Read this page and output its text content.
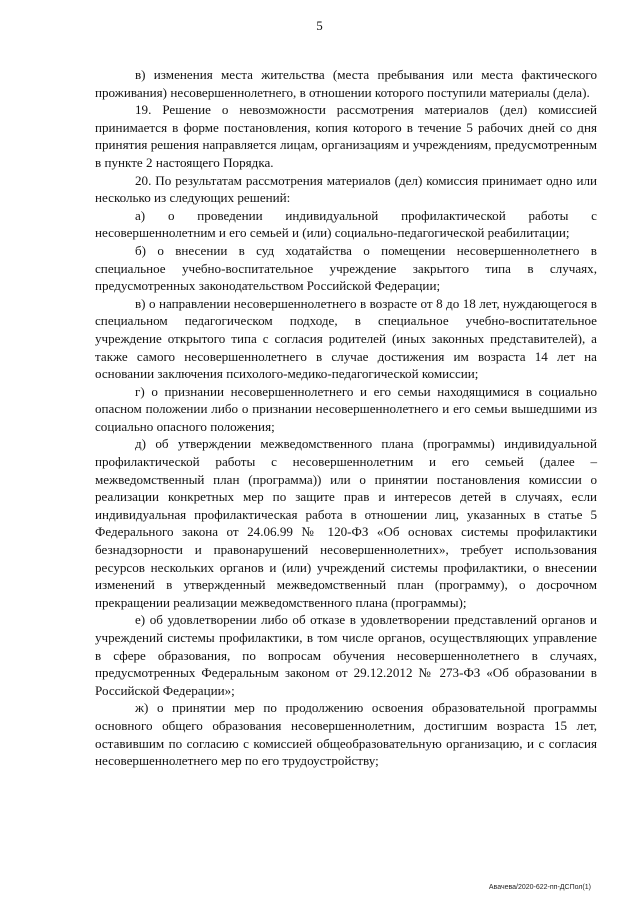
5

в) изменения места жительства (места пребывания или места фактического проживания) несовершеннолетнего, в отношении которого поступили материалы (дела).

19. Решение о невозможности рассмотрения материалов (дел) комиссией принимается в форме постановления, копия которого в течение 5 рабочих дней со дня принятия решения направляется лицам, организациям и учреждениям, предусмотренным в пункте 2 настоящего Порядка.

20. По результатам рассмотрения материалов (дел) комиссия принимает одно или несколько из следующих решений:

а) о проведении индивидуальной профилактической работы с несовершеннолетним и его семьей и (или) социально-педагогической реабилитации;

б) о внесении в суд ходатайства о помещении несовершеннолетнего в специальное учебно-воспитательное учреждение закрытого типа в случаях, предусмотренных законодательством Российской Федерации;

в) о направлении несовершеннолетнего в возрасте от 8 до 18 лет, нуждающегося в специальном педагогическом подходе, в специальное учебно-воспитательное учреждение открытого типа с согласия родителей (иных законных представителей), а также самого несовершеннолетнего в случае достижения им возраста 14 лет на основании заключения психолого-медико-педагогической комиссии;

г) о признании несовершеннолетнего и его семьи находящимися в социально опасном положении либо о признании несовершеннолетнего и его семьи вышедшими из социально опасного положения;

д) об утверждении межведомственного плана (программы) индивидуальной профилактической работы с несовершеннолетним и его семьей (далее – межведомственный план (программа)) или о принятии постановления комиссии о реализации конкретных мер по защите прав и интересов детей в случаях, если индивидуальная профилактическая работа в отношении лиц, указанных в статье 5 Федерального закона от 24.06.99 № 120-ФЗ «Об основах системы профилактики безнадзорности и правонарушений несовершеннолетних», требует использования ресурсов нескольких органов и (или) учреждений системы профилактики, о внесении изменений в утвержденный межведомственный план (программу), о досрочном прекращении реализации межведомственного плана (программы);

е) об удовлетворении либо об отказе в удовлетворении представлений органов и учреждений системы профилактики, в том числе органов, осуществляющих управление в сфере образования, по вопросам обучения несовершеннолетнего в случаях, предусмотренных Федеральным законом от 29.12.2012 № 273-ФЗ «Об образовании в Российской Федерации»;

ж) о принятии мер по продолжению освоения образовательной программы основного общего образования несовершеннолетним, достигшим возраста 15 лет, оставившим по согласию с комиссией общеобразовательную организацию, и с согласия несовершеннолетнего мер по его трудоустройству;

Авачева/2020-622-пп-ДСПол(1)
